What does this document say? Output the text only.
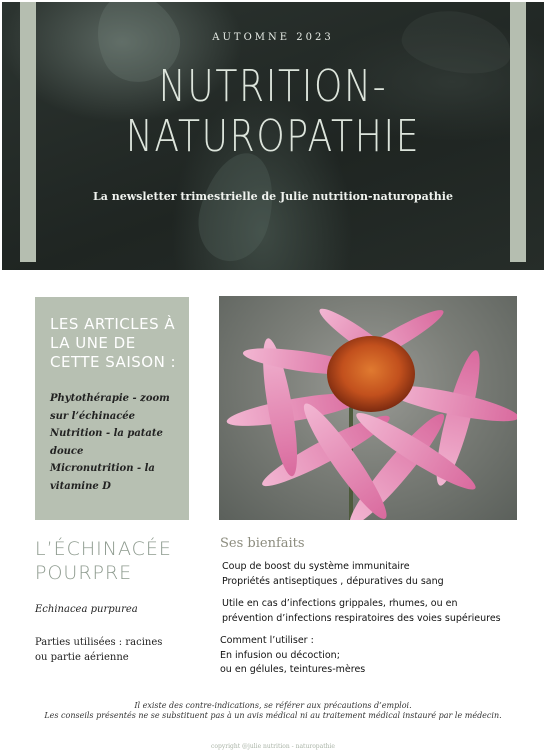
AUTOMNE 2023
NUTRITION-
NATUROPATHIE
La newsletter trimestrielle de Julie nutrition-naturopathie
LES ARTICLES À LA UNE DE CETTE SAISON :
Phytothérapie - zoom sur l’échinacée
Nutrition - la patate douce
Micronutrition - la vitamine D
L’ÉCHINACÉE POURPRE
Echinacea purpurea
Parties utilisées : racines
ou partie aérienne
Ses bienfaits
Coup de boost du système immunitaire
Propriétés antiseptiques , dépuratives du sang
Utile en cas d’infections grippales, rhumes, ou en
prévention d’infections respiratoires des voies supérieures
Comment l’utiliser :
En infusion ou décoction;
ou en gélules, teintures-mères
Il existe des contre-indications, se référer aux précautions d’emploi.
Les conseils présentés ne se substituent pas à un avis médical ni au traitement médical instauré par le médecin.
copyright @julie nutrition - naturopathie
